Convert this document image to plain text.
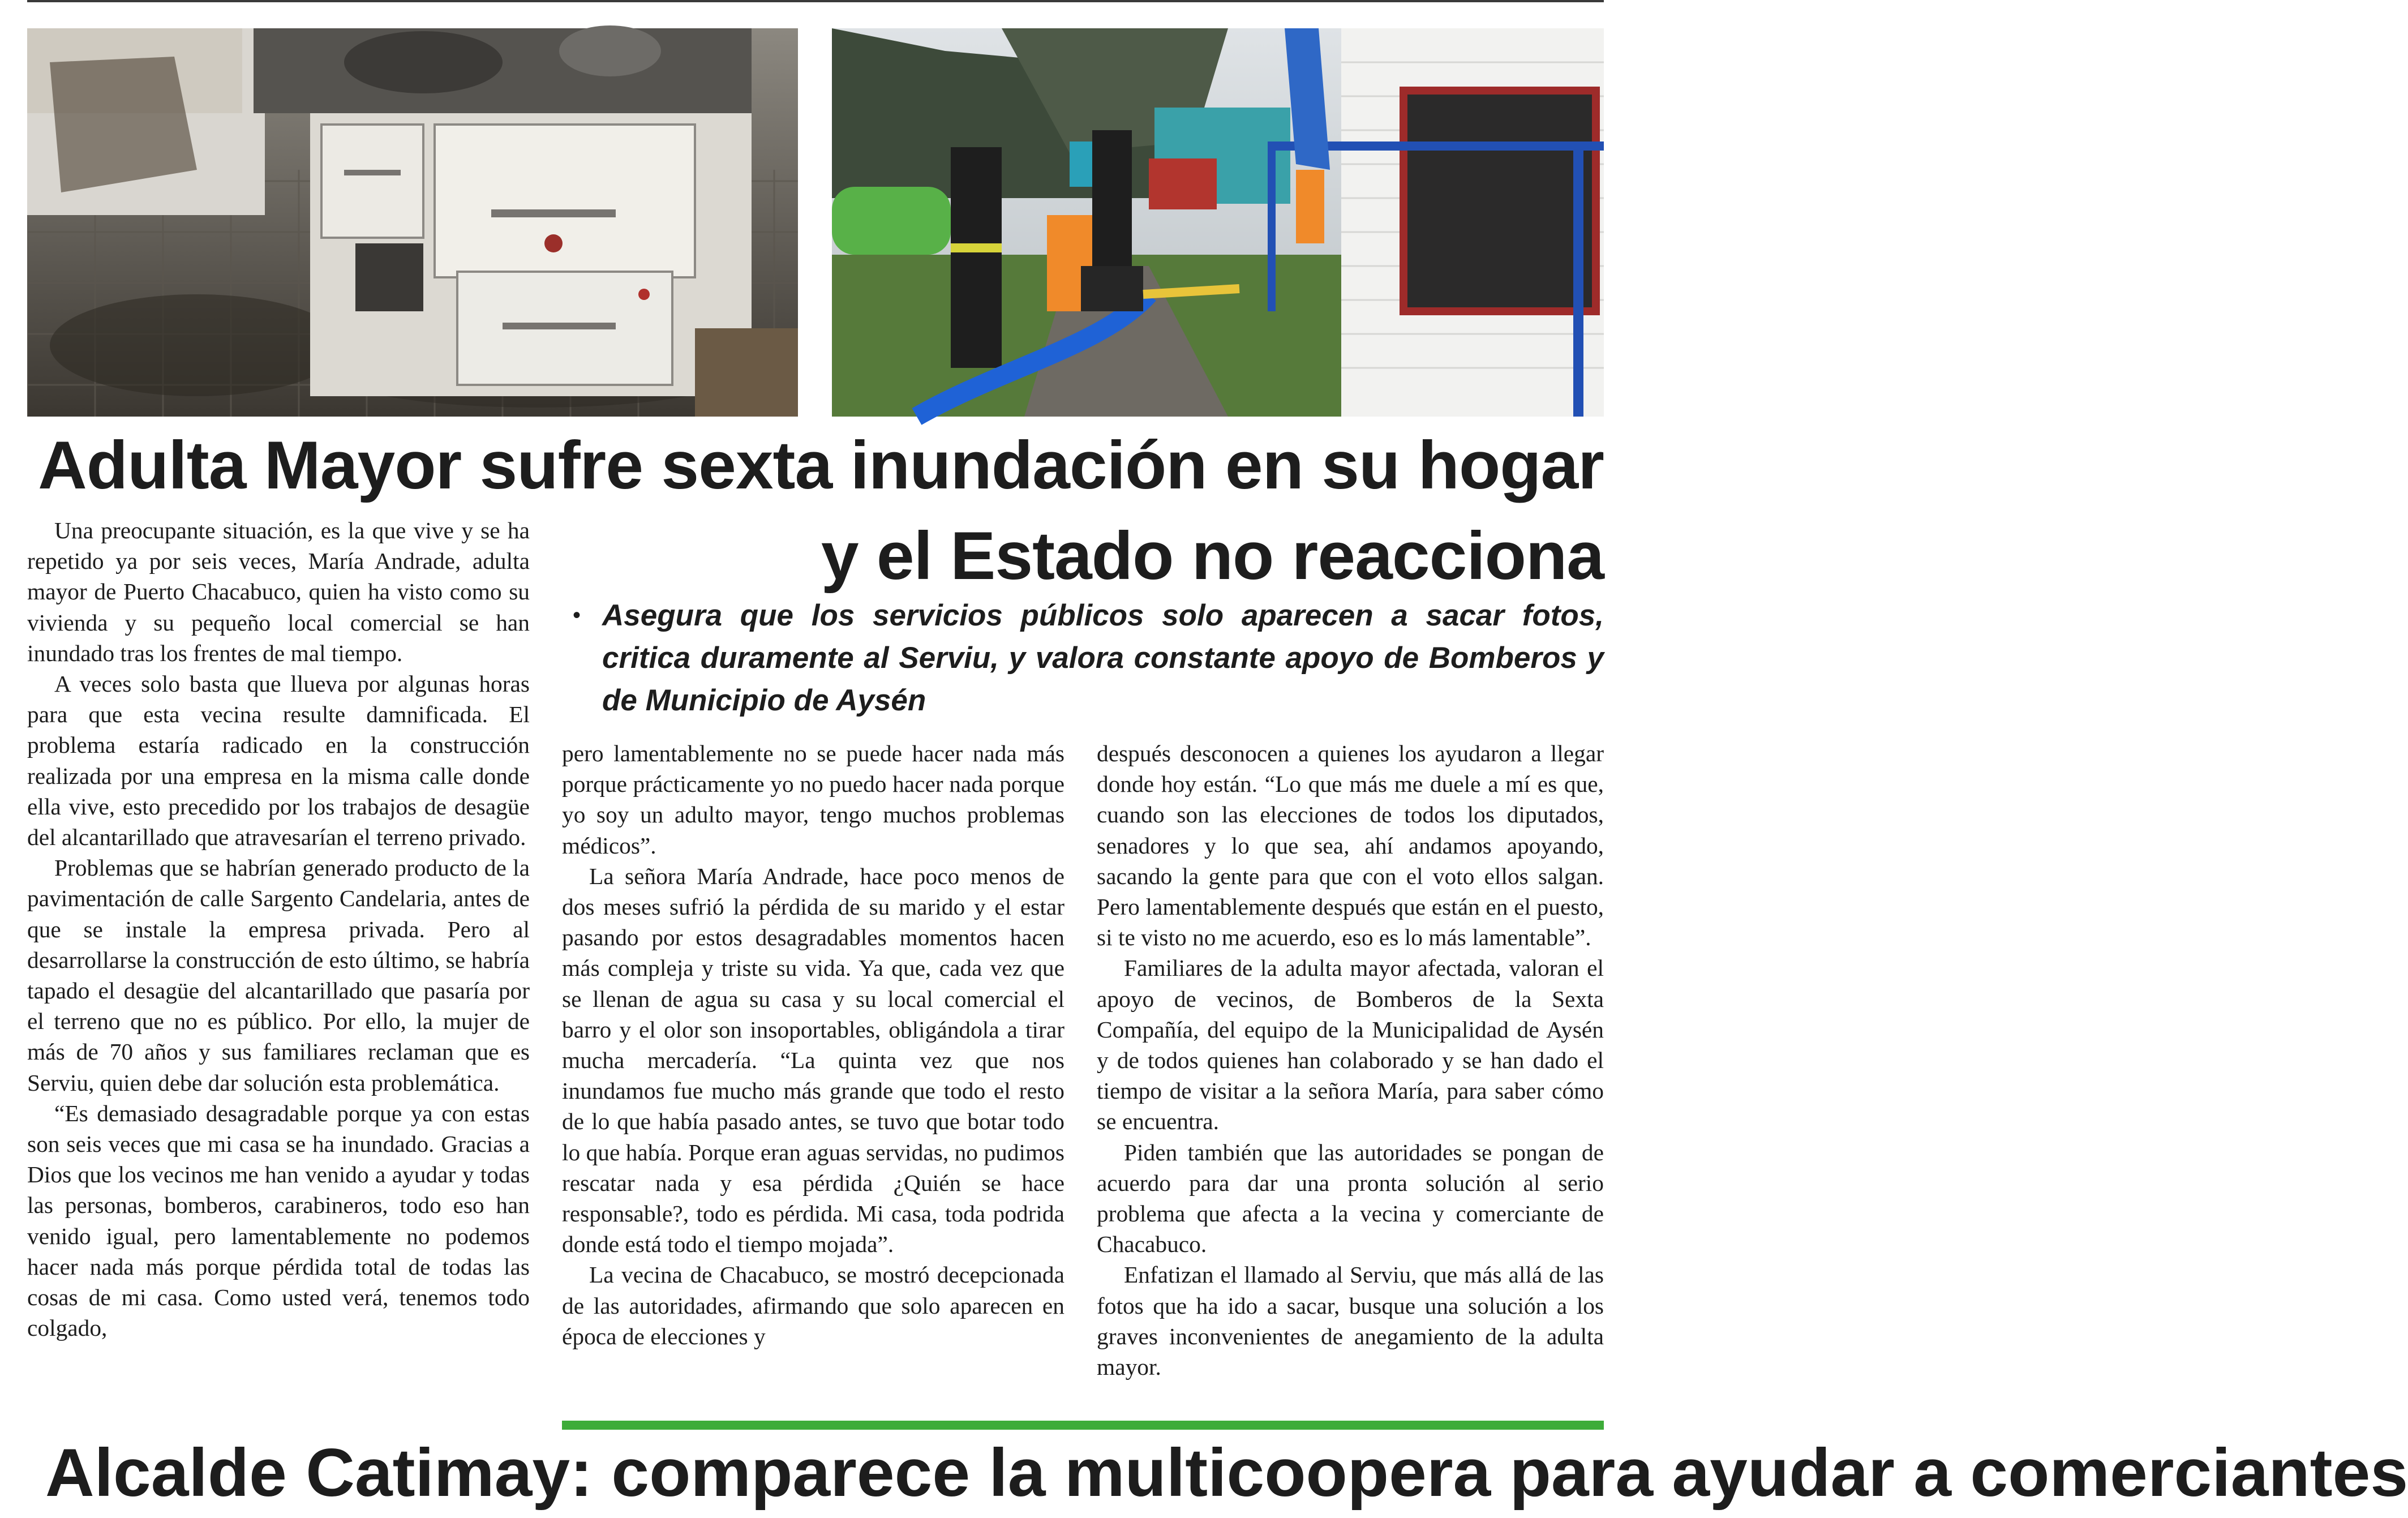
Adulta Mayor sufre sexta inundación en su hogar
y el Estado no reacciona
• Asegura que los servicios públicos solo aparecen a sacar fotos, critica duramente al Serviu, y valora constante apoyo de Bomberos y de Municipio de Aysén

Una preocupante situación, es la que vive y se ha repetido ya por seis veces, María Andrade, adulta mayor de Puerto Chacabuco, quien ha visto como su vivienda y su pequeño local comercial se han inundado tras los frentes de mal tiempo.

A veces solo basta que llueva por algunas horas para que esta vecina resulte damnificada. El problema estaría radicado en la construcción realizada por una empresa en la misma calle donde ella vive, esto precedido por los trabajos de desagüe del alcantarillado que atravesarían el terreno privado.

Problemas que se habrían generado producto de la pavimentación de calle Sargento Candelaria, antes de que se instale la empresa privada. Pero al desarrollarse la construcción de esto último, se habría tapado el desagüe del alcantarillado que pasaría por el terreno que no es público. Por ello, la mujer de más de 70 años y sus familiares reclaman que es Serviu, quien debe dar solución esta problemática.

“Es demasiado desagradable porque ya con estas son seis veces que mi casa se ha inundado. Gracias a Dios que los vecinos me han venido a ayudar y todas las personas, bomberos, carabineros, todo eso han venido igual, pero lamentablemente no podemos hacer nada más porque pérdida total de todas las cosas de mi casa. Como usted verá, tenemos todo colgado,

pero lamentablemente no se puede hacer nada más porque prácticamente yo no puedo hacer nada porque yo soy un adulto mayor, tengo muchos problemas médicos”.

La señora María Andrade, hace poco menos de dos meses sufrió la pérdida de su marido y el estar pasando por estos desagradables momentos hacen más compleja y triste su vida. Ya que, cada vez que se llenan de agua su casa y su local comercial el barro y el olor son insoportables, obligándola a tirar mucha mercadería. “La quinta vez que nos inundamos fue mucho más grande que todo el resto de lo que había pasado antes, se tuvo que botar todo lo que había. Porque eran aguas servidas, no pudimos rescatar nada y esa pérdida ¿Quién se hace responsable?, todo es pérdida. Mi casa, toda podrida donde está todo el tiempo mojada”.

La vecina de Chacabuco, se mostró decepcionada de las autoridades, afirmando que solo aparecen en época de elecciones y

después desconocen a quienes los ayudaron a llegar donde hoy están. “Lo que más me duele a mí es que, cuando son las elecciones de todos los diputados, senadores y lo que sea, ahí andamos apoyando, sacando la gente para que con el voto ellos salgan. Pero lamentablemente después que están en el puesto, si te visto no me acuerdo, eso es lo más lamentable”.

Familiares de la adulta mayor afectada, valoran el apoyo de vecinos, de Bomberos de la Sexta Compañía, del equipo de la Municipalidad de Aysén y de todos quienes han colaborado y se han dado el tiempo de visitar a la señora María, para saber cómo se encuentra.

Piden también que las autoridades se pongan de acuerdo para dar una pronta solución al serio problema que afecta a la vecina y comerciante de Chacabuco.

Enfatizan el llamado al Serviu, que más allá de las fotos que ha ido a sacar, busque una solución a los graves inconvenientes de anegamiento de la adulta mayor.

Alcalde Catimay: comparece la multicoopera para ayudar a comerciantes
